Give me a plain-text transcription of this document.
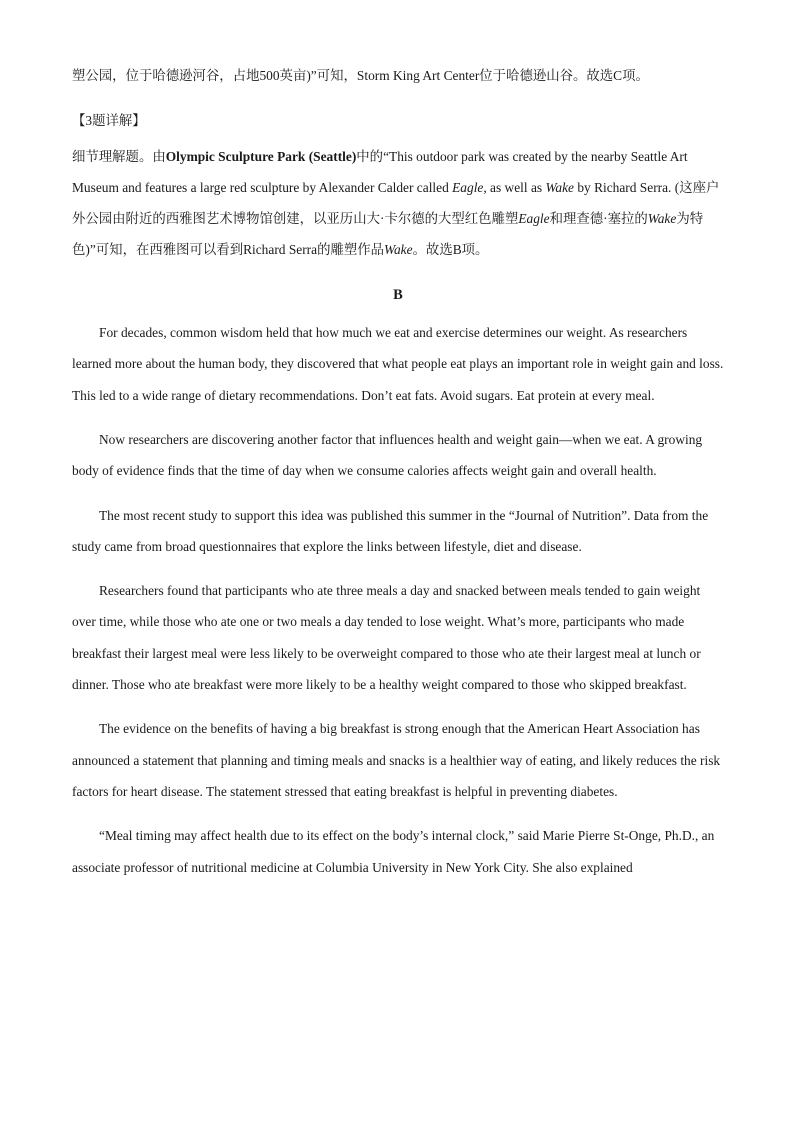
塑公园，位于哈德逊河谷，占地500英亩)”可知，Storm King Art Center位于哈德逊山谷。故选C项。

【3题详解】

细节理解题。由Olympic Sculpture Park (Seattle)中的“This outdoor park was created by the nearby Seattle Art Museum and features a large red sculpture by Alexander Calder called Eagle, as well as Wake by Richard Serra. (这座户外公园由附近的西雅图艺术博物馆创建，以亚历山大·卡尔德的大型红色雕塑Eagle和理查德·塞拉的Wake为特色)”可知，在西雅图可以看到Richard Serra的雕塑作品Wake。故选B项。

B

For decades, common wisdom held that how much we eat and exercise determines our weight. As researchers learned more about the human body, they discovered that what people eat plays an important role in weight gain and loss. This led to a wide range of dietary recommendations. Don’t eat fats. Avoid sugars. Eat protein at every meal.

Now researchers are discovering another factor that influences health and weight gain—when we eat. A growing body of evidence finds that the time of day when we consume calories affects weight gain and overall health.

The most recent study to support this idea was published this summer in the “Journal of Nutrition”. Data from the study came from broad questionnaires that explore the links between lifestyle, diet and disease.

Researchers found that participants who ate three meals a day and snacked between meals tended to gain weight over time, while those who ate one or two meals a day tended to lose weight. What’s more, participants who made breakfast their largest meal were less likely to be overweight compared to those who ate their largest meal at lunch or dinner. Those who ate breakfast were more likely to be a healthy weight compared to those who skipped breakfast.

The evidence on the benefits of having a big breakfast is strong enough that the American Heart Association has announced a statement that planning and timing meals and snacks is a healthier way of eating, and likely reduces the risk factors for heart disease. The statement stressed that eating breakfast is helpful in preventing diabetes.

“Meal timing may affect health due to its effect on the body’s internal clock,” said Marie Pierre St-Onge, Ph.D., an associate professor of nutritional medicine at Columbia University in New York City. She also explained
